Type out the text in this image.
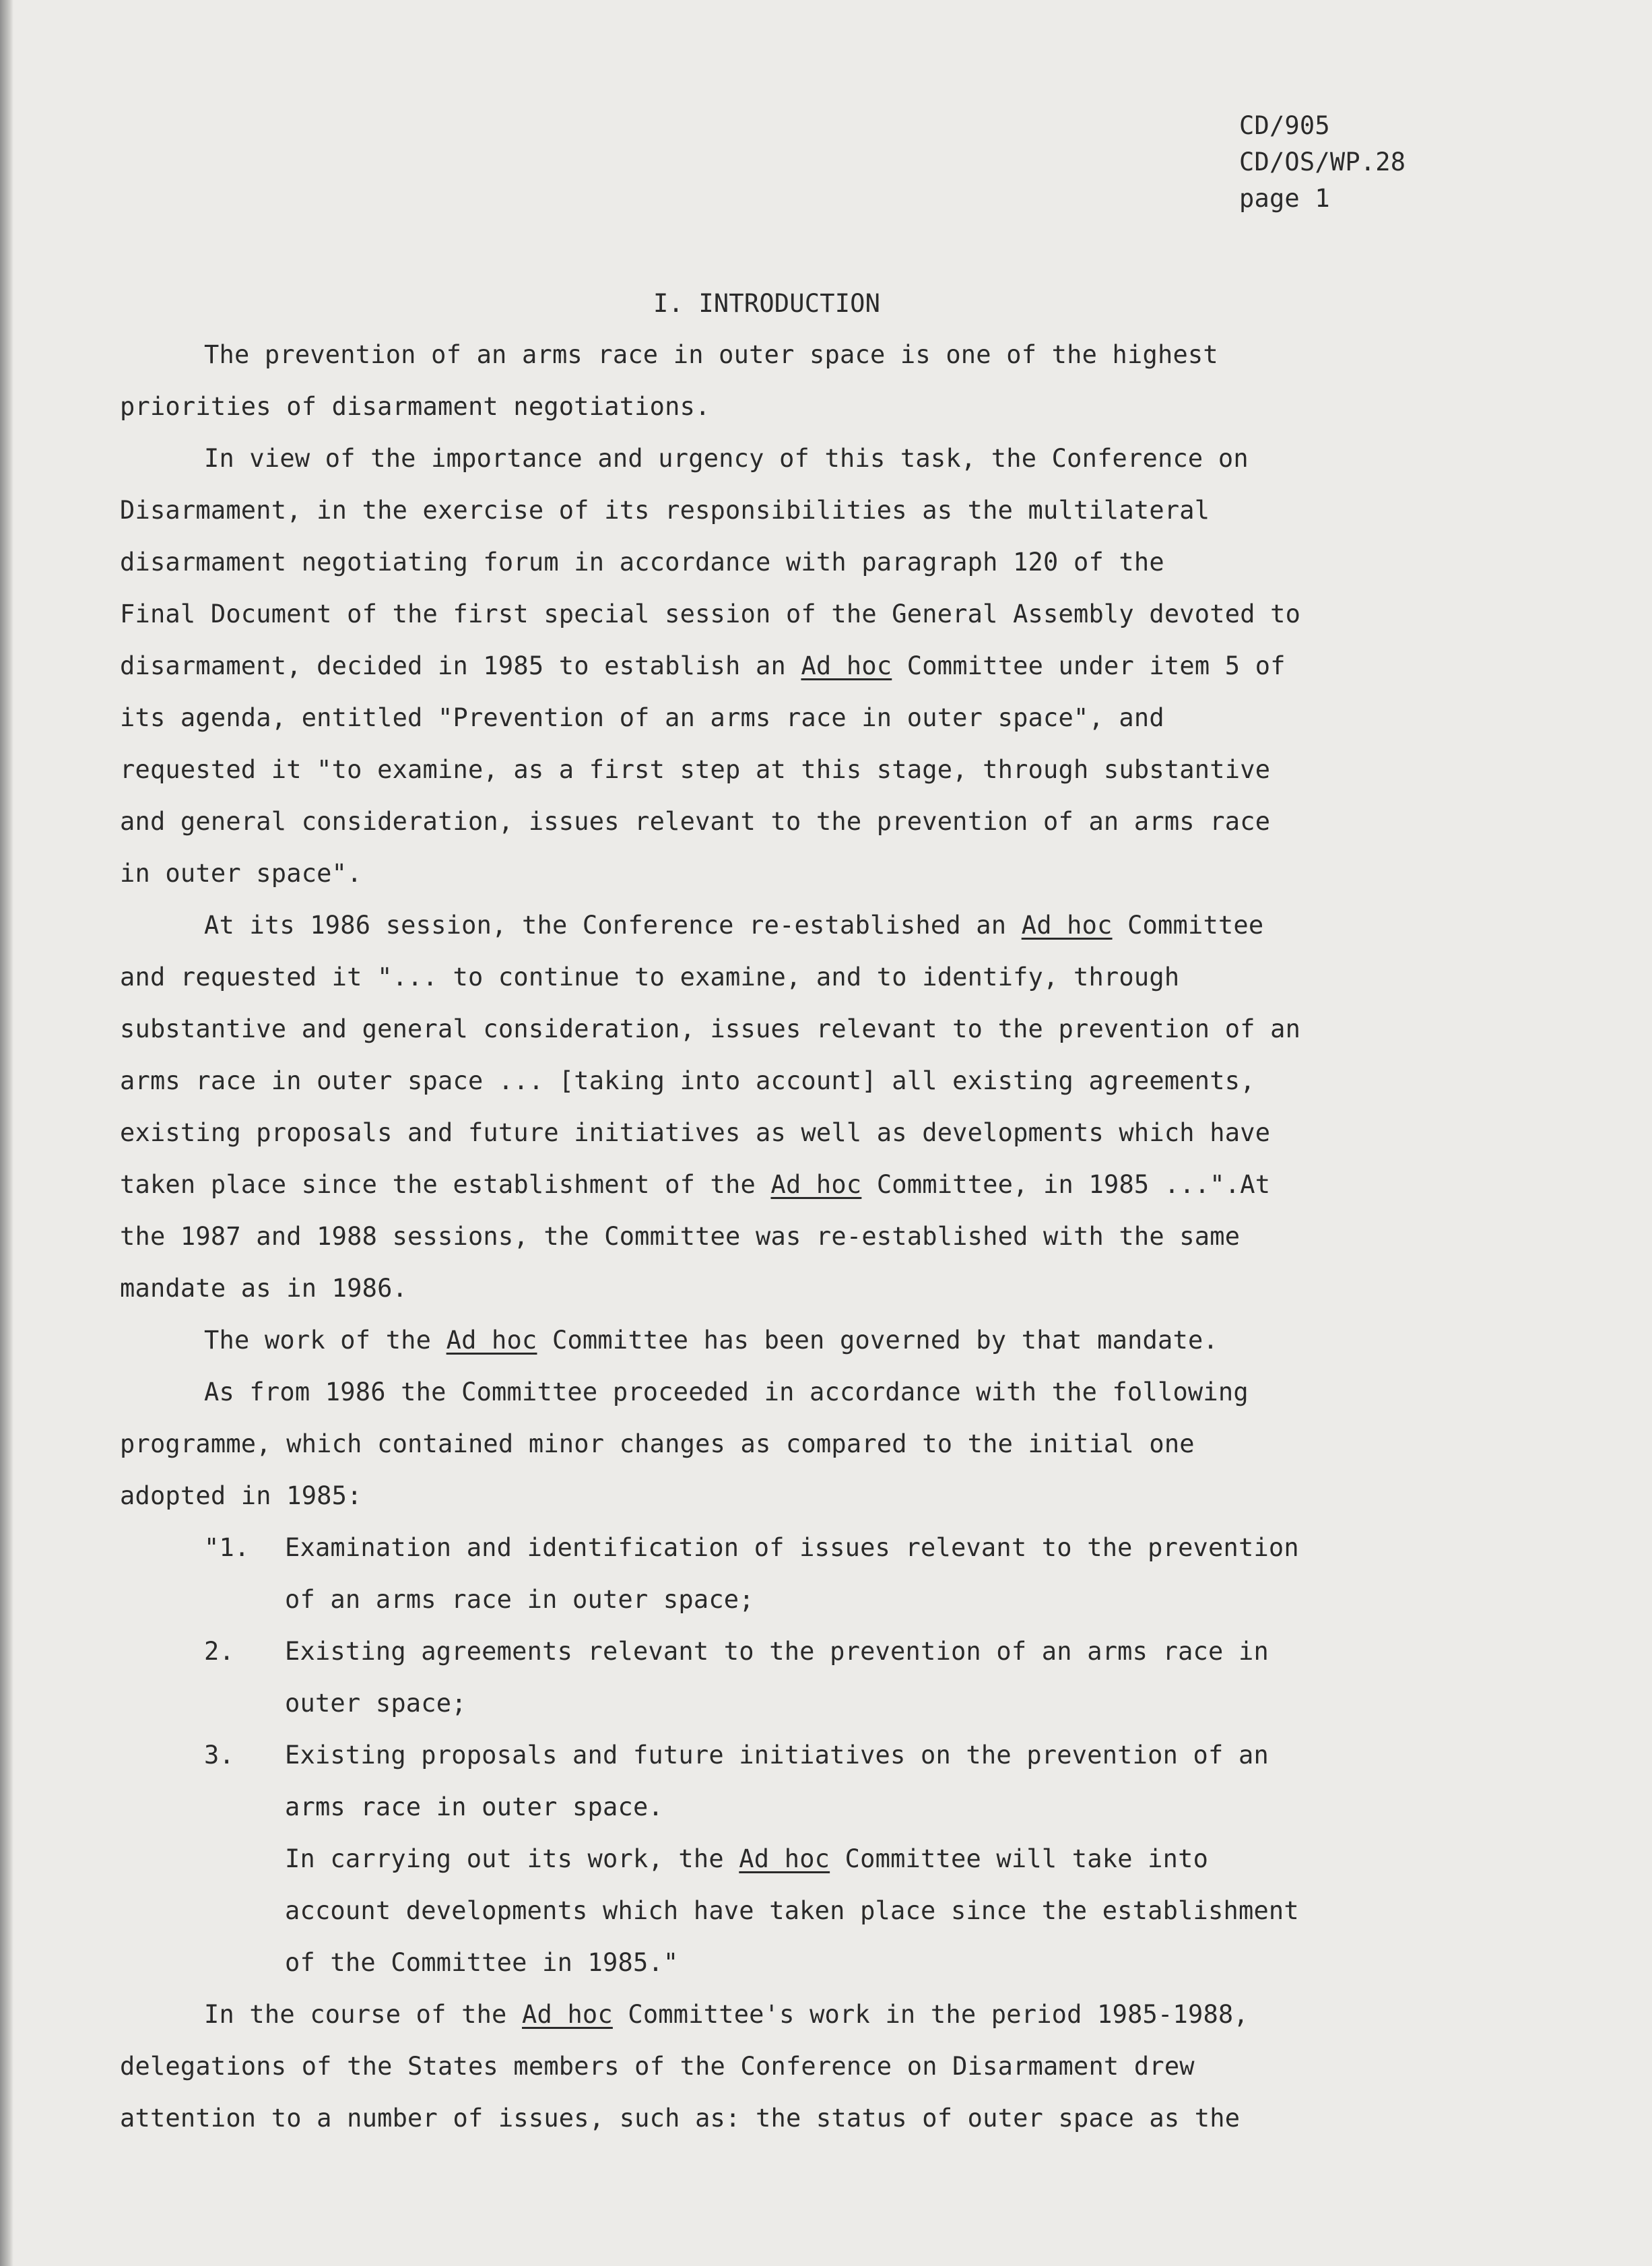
CD/905
CD/OS/WP.28
page 1
I. INTRODUCTION

The prevention of an arms race in outer space is one of the highest
priorities of disarmament negotiations.

In view of the importance and urgency of this task, the Conference on
Disarmament, in the exercise of its responsibilities as the multilateral
disarmament negotiating forum in accordance with paragraph 120 of the
Final Document of the first special session of the General Assembly devoted to
disarmament, decided in 1985 to establish an Ad hoc Committee under item 5 of
its agenda, entitled "Prevention of an arms race in outer space", and
requested it "to examine, as a first step at this stage, through substantive
and general consideration, issues relevant to the prevention of an arms race
in outer space".

At its 1986 session, the Conference re-established an Ad hoc Committee
and requested it "... to continue to examine, and to identify, through
substantive and general consideration, issues relevant to the prevention of an
arms race in outer space ... [taking into account] all existing agreements,
existing proposals and future initiatives as well as developments which have
taken place since the establishment of the Ad hoc Committee, in 1985 ...".At
the 1987 and 1988 sessions, the Committee was re-established with the same
mandate as in 1986.

The work of the Ad hoc Committee has been governed by that mandate.

As from 1986 the Committee proceeded in accordance with the following
programme, which contained minor changes as compared to the initial one
adopted in 1985:

"1. Examination and identification of issues relevant to the prevention
of an arms race in outer space;
2. Existing agreements relevant to the prevention of an arms race in
outer space;
3. Existing proposals and future initiatives on the prevention of an
arms race in outer space.
In carrying out its work, the Ad hoc Committee will take into
account developments which have taken place since the establishment
of the Committee in 1985."

In the course of the Ad hoc Committee's work in the period 1985-1988,
delegations of the States members of the Conference on Disarmament drew
attention to a number of issues, such as: the status of outer space as the
